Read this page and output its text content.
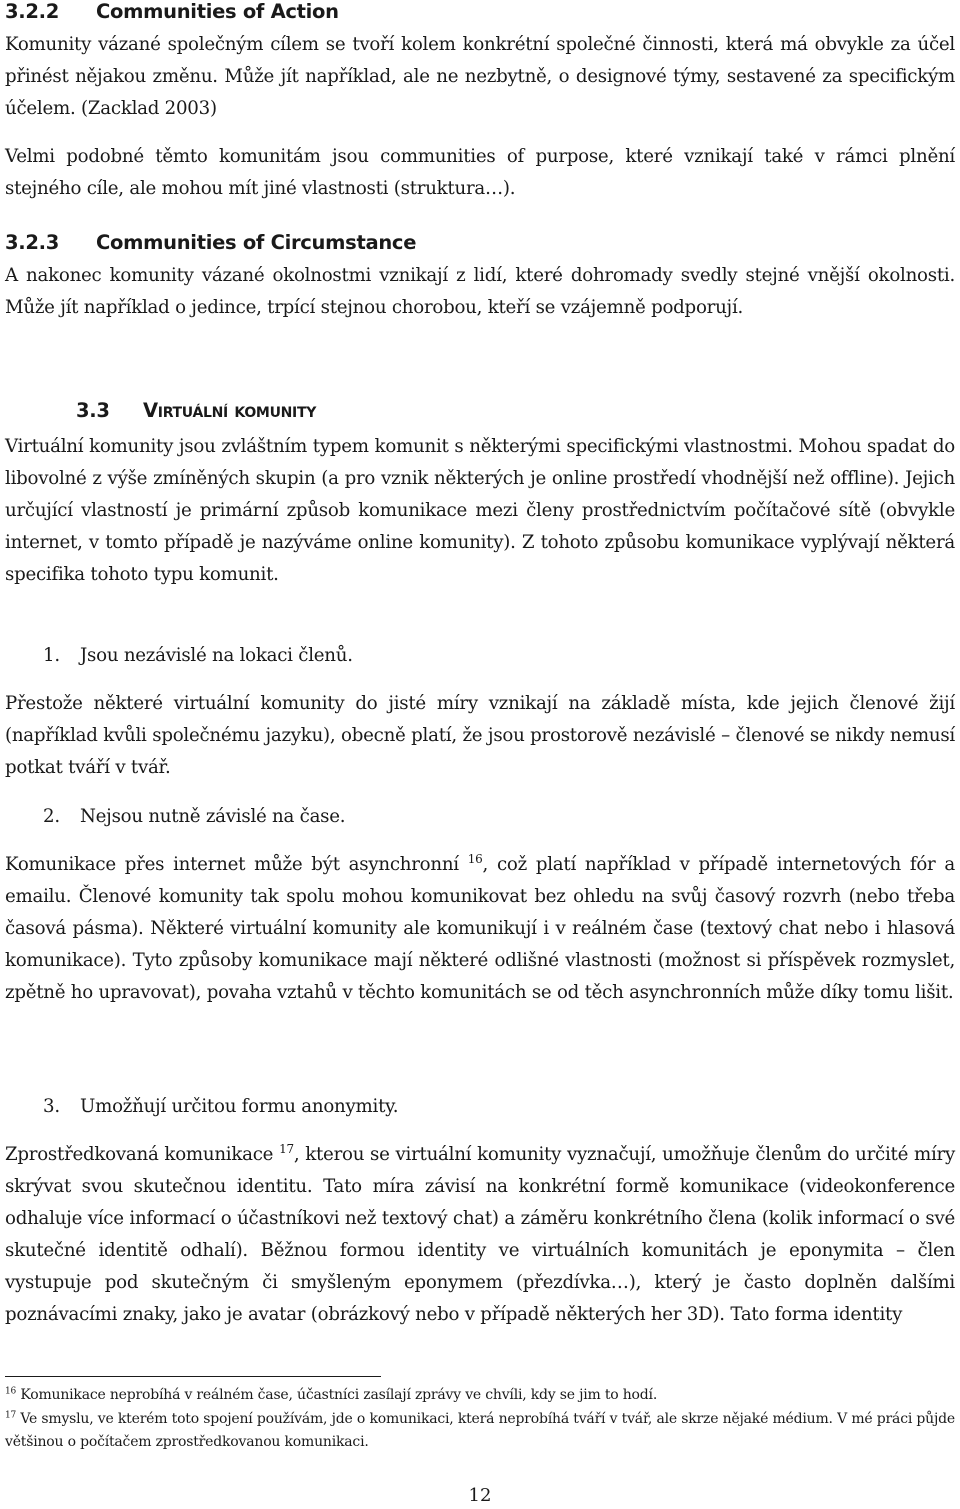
3.2.2 Communities of Action

Komunity vázané společným cílem se tvoří kolem konkrétní společné činnosti, která má obvykle za účel přinést nějakou změnu. Může jít například, ale ne nezbytně, o designové týmy, sestavené za specifickým účelem. (Zacklad 2003)

Velmi podobné těmto komunitám jsou communities of purpose, které vznikají také v rámci plnění stejného cíle, ale mohou mít jiné vlastnosti (struktura…).

3.2.3 Communities of Circumstance

A nakonec komunity vázané okolnostmi vznikají z lidí, které dohromady svedly stejné vnější okolnosti. Může jít například o jedince, trpící stejnou chorobou, kteří se vzájemně podporují.

3.3 Virtuální komunity

Virtuální komunity jsou zvláštním typem komunit s některými specifickými vlastnostmi. Mohou spadat do libovolné z výše zmíněných skupin (a pro vznik některých je online prostředí vhodnější než offline). Jejich určující vlastností je primární způsob komunikace mezi členy prostřednictvím počítačové sítě (obvykle internet, v tomto případě je nazýváme online komunity). Z tohoto způsobu komunikace vyplývají některá specifika tohoto typu komunit.

1. Jsou nezávislé na lokaci členů.

Přestože některé virtuální komunity do jisté míry vznikají na základě místa, kde jejich členové žijí (například kvůli společnému jazyku), obecně platí, že jsou prostorově nezávislé – členové se nikdy nemusí potkat tváří v tvář.

2. Nejsou nutně závislé na čase.

Komunikace přes internet může být asynchronní $^{16}$, což platí například v případě internetových fór a emailu. Členové komunity tak spolu mohou komunikovat bez ohledu na svůj časový rozvrh (nebo třeba časová pásma). Některé virtuální komunity ale komunikují i v reálném čase (textový chat nebo i hlasová komunikace). Tyto způsoby komunikace mají některé odlišné vlastnosti (možnost si příspěvek rozmyslet, zpětně ho upravovat), povaha vztahů v těchto komunitách se od těch asynchronních může díky tomu lišit.

3. Umožňují určitou formu anonymity.

Zprostředkovaná komunikace $^{17}$, kterou se virtuální komunity vyznačují, umožňuje členům do určité míry skrývat svou skutečnou identitu. Tato míra závisí na konkrétní formě komunikace (videokonference odhaluje více informací o účastníkovi než textový chat) a záměru konkrétního člena (kolik informací o své skutečné identitě odhalí). Běžnou formou identity ve virtuálních komunitách je eponymita – člen vystupuje pod skutečným či smyšleným eponymem (přezdívka…), který je často doplněn dalšími poznávacími znaky, jako je avatar (obrázkový nebo v případě některých her 3D). Tato forma identity

$^{16}$ Komunikace neprobíhá v reálném čase, účastníci zasílají zprávy ve chvíli, kdy se jim to hodí.

$^{17}$ Ve smyslu, ve kterém toto spojení používám, jde o komunikaci, která neprobíhá tváří v tvář, ale skrze nějaké médium. V mé práci půjde většinou o počítačem zprostředkovanou komunikaci.

12
